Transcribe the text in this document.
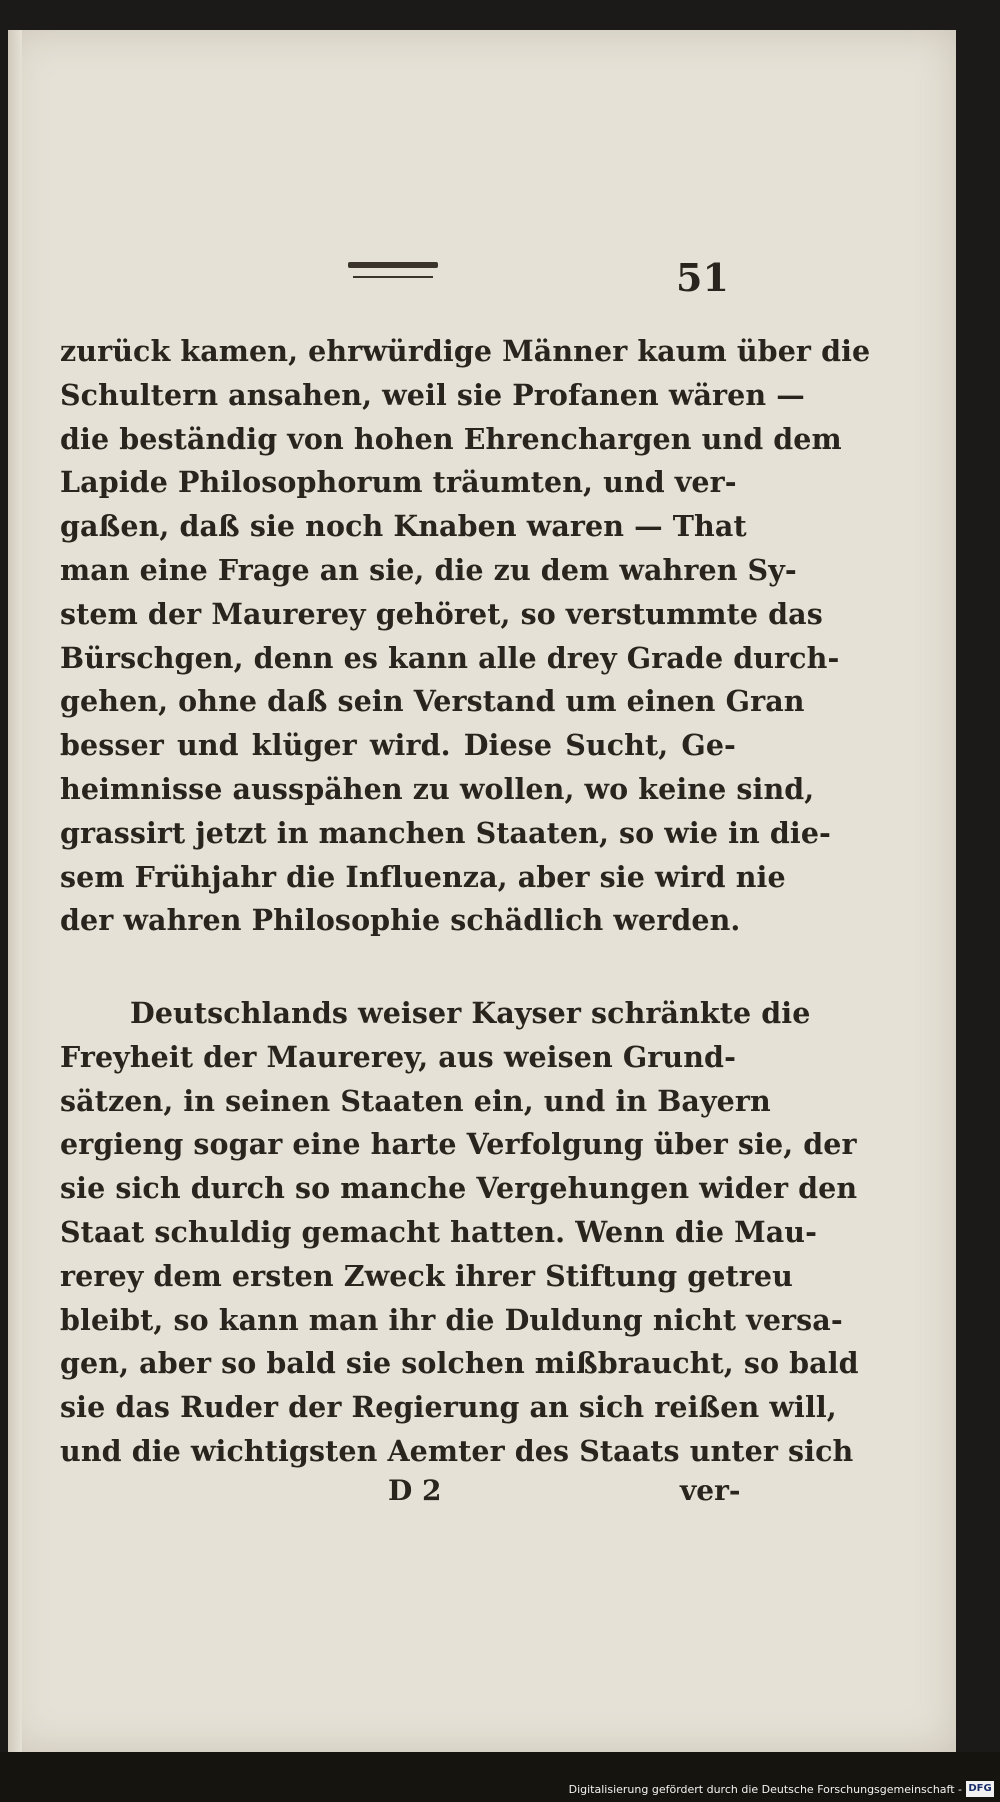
51
zurück kamen, ehrwürdige Männer kaum über die
Schultern ansahen, weil sie Profanen wären —
die beständig von hohen Ehrenchargen und dem
Lapide Philosophorum träumten, und ver-
gaßen, daß sie noch Knaben waren — That
man eine Frage an sie, die zu dem wahren Sy-
stem der Maurerey gehöret, so verstummte das
Bürschgen, denn es kann alle drey Grade durch-
gehen, ohne daß sein Verstand um einen Gran
besser und klüger wird. Diese Sucht, Ge-
heimnisse ausspähen zu wollen, wo keine sind,
grassirt jetzt in manchen Staaten, so wie in die-
sem Frühjahr die Influenza, aber sie wird nie
der wahren Philosophie schädlich werden.
Deutschlands weiser Kayser schränkte die
Freyheit der Maurerey, aus weisen Grund-
sätzen, in seinen Staaten ein, und in Bayern
ergieng sogar eine harte Verfolgung über sie, der
sie sich durch so manche Vergehungen wider den
Staat schuldig gemacht hatten. Wenn die Mau-
rerey dem ersten Zweck ihrer Stiftung getreu
bleibt, so kann man ihr die Duldung nicht versa-
gen, aber so bald sie solchen mißbraucht, so bald
sie das Ruder der Regierung an sich reißen will,
und die wichtigsten Aemter des Staats unter sich
D 2	ver-
Digitalisierung gefördert durch die Deutsche Forschungsgemeinschaft - DFG
